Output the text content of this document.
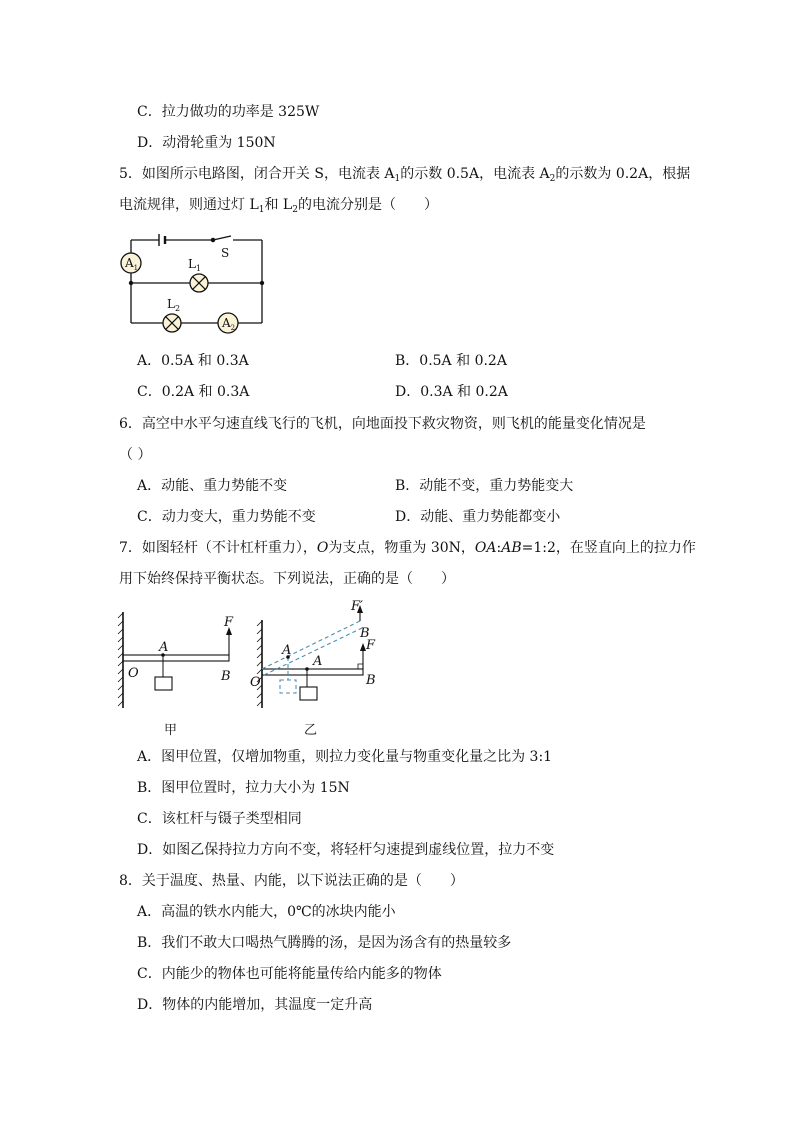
C．拉力做功的功率是 325W
D．动滑轮重为 150N
5．如图所示电路图，闭合开关 S，电流表 $A_1$的示数 0.5A，电流表 $A_2$的示数为 0.2A，根据
电流规律，则通过灯 $L_1$和 $L_2$的电流分别是（　　）
S
$L_1$
$L_2$
$A_1$
$A_2$
A．0.5A 和 0.3A	B．0.5A 和 0.2A
C．0.2A 和 0.3A	D．0.3A 和 0.2A
6．高空中水平匀速直线飞行的飞机，向地面投下救灾物资，则飞机的能量变化情况是
（ ）
A．动能、重力势能不变	B．动能不变，重力势能变大
C．动力变大，重力势能不变	D．动能、重力势能都变小
7．如图轻杆（不计杠杆重力），O为支点，物重为 30N，OA:AB=1:2，在竖直向上的拉力作
用下始终保持平衡状态。下列说法，正确的是（　　）
O
A
B
F
甲
F′
B
F
A
A
O	B
乙
A．图甲位置，仅增加物重，则拉力变化量与物重变化量之比为 3:1
B．图甲位置时，拉力大小为 15N
C．该杠杆与镊子类型相同
D．如图乙保持拉力方向不变，将轻杆匀速提到虚线位置，拉力不变
8．关于温度、热量、内能，以下说法正确的是（　　）
A．高温的铁水内能大，0℃的冰块内能小
B．我们不敢大口喝热气腾腾的汤，是因为汤含有的热量较多
C．内能少的物体也可能将能量传给内能多的物体
D．物体的内能增加，其温度一定升高
